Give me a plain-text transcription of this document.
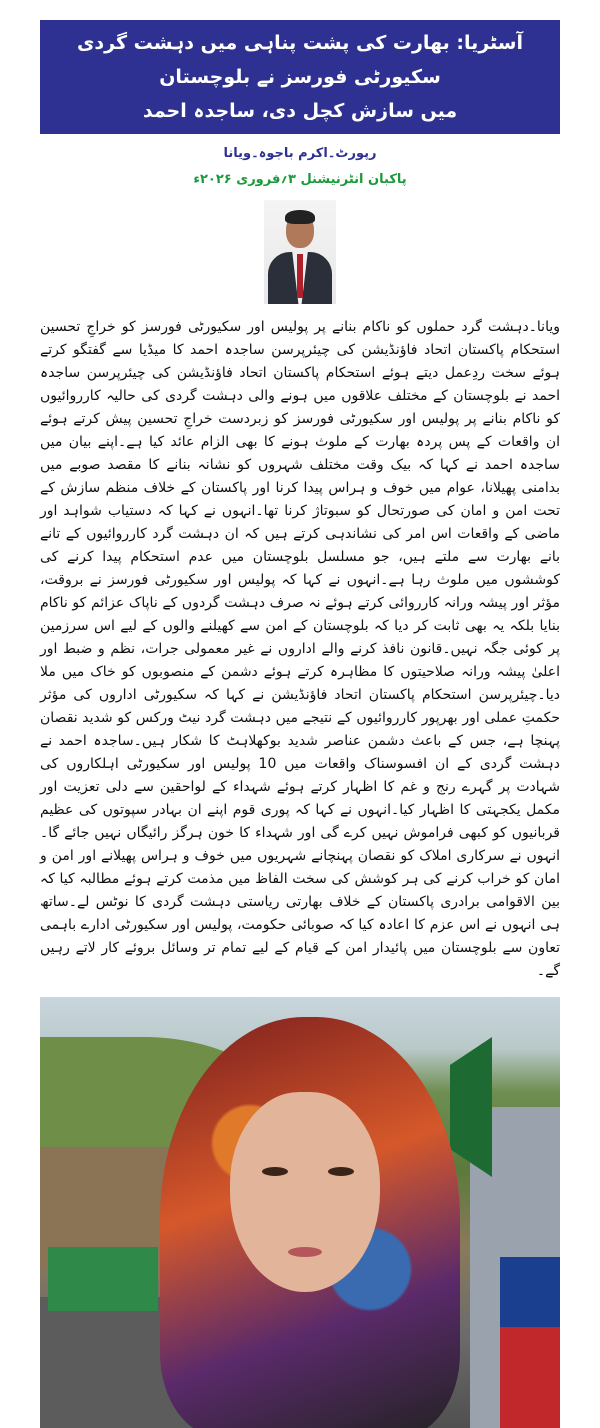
آسٹریا: بھارت کی پشت پناہی میں دہشت گردی سکیورٹی فورسز نے بلوچستان
میں سازش کچل دی، ساجدہ احمد
رپورٹ۔اکرم باجوہ۔ویانا
پاکبان انٹرنیشنل ۳؍فروری ۲۰۲۶ء

ویانا۔دہشت گرد حملوں کو ناکام بنانے پر پولیس اور سکیورٹی فورسز کو خراجِ تحسین استحکام پاکستان اتحاد فاؤنڈیشن کی چیئرپرسن ساجدہ احمد کا میڈیا سے گفتگو کرتے ہوئے سخت ردِعمل دیتے ہوئے استحکام پاکستان اتحاد فاؤنڈیشن کی چیئرپرسن ساجدہ احمد نے بلوچستان کے مختلف علاقوں میں ہونے والی دہشت گردی کی حالیہ کارروائیوں کو ناکام بنانے پر پولیس اور سکیورٹی فورسز کو زبردست خراجِ تحسین پیش کرتے ہوئے ان واقعات کے پس پردہ بھارت کے ملوث ہونے کا بھی الزام عائد کیا ہے۔اپنے بیان میں ساجدہ احمد نے کہا کہ بیک وقت مختلف شہروں کو نشانہ بنانے کا مقصد صوبے میں بدامنی پھیلانا، عوام میں خوف و ہراس پیدا کرنا اور پاکستان کے خلاف منظم سازش کے تحت امن و امان کی صورتحال کو سبوتاژ کرنا تھا۔انہوں نے کہا کہ دستیاب شواہد اور ماضی کے واقعات اس امر کی نشاندہی کرتے ہیں کہ ان دہشت گرد کارروائیوں کے تانے بانے بھارت سے ملتے ہیں، جو مسلسل بلوچستان میں عدم استحکام پیدا کرنے کی کوششوں میں ملوث رہا ہے۔انہوں نے کہا کہ پولیس اور سکیورٹی فورسز نے بروقت، مؤثر اور پیشہ ورانہ کارروائی کرتے ہوئے نہ صرف دہشت گردوں کے ناپاک عزائم کو ناکام بنایا بلکہ یہ بھی ثابت کر دیا کہ بلوچستان کے امن سے کھیلنے والوں کے لیے اس سرزمین پر کوئی جگہ نہیں۔قانون نافذ کرنے والے اداروں نے غیر معمولی جرات، نظم و ضبط اور اعلیٰ پیشہ ورانہ صلاحیتوں کا مظاہرہ کرتے ہوئے دشمن کے منصوبوں کو خاک میں ملا دیا۔چیئرپرسن استحکام پاکستان اتحاد فاؤنڈیشن نے کہا کہ سکیورٹی اداروں کی مؤثر حکمتِ عملی اور بھرپور کارروائیوں کے نتیجے میں دہشت گرد نیٹ ورکس کو شدید نقصان پہنچا ہے، جس کے باعث دشمن عناصر شدید بوکھلاہٹ کا شکار ہیں۔ساجدہ احمد نے دہشت گردی کے ان افسوسناک واقعات میں 10 پولیس اور سکیورٹی اہلکاروں کی شہادت پر گہرے رنج و غم کا اظہار کرتے ہوئے شہداء کے لواحقین سے دلی تعزیت اور مکمل یکجہتی کا اظہار کیا۔انہوں نے کہا کہ پوری قوم اپنے ان بہادر سپوتوں کی عظیم قربانیوں کو کبھی فراموش نہیں کرے گی اور شہداء کا خون ہرگز رائیگاں نہیں جائے گا۔انہوں نے سرکاری املاک کو نقصان پہنچانے شہریوں میں خوف و ہراس پھیلانے اور امن و امان کو خراب کرنے کی ہر کوشش کی سخت الفاظ میں مذمت کرتے ہوئے مطالبہ کیا کہ بین الاقوامی برادری پاکستان کے خلاف بھارتی ریاستی دہشت گردی کا نوٹس لے۔ساتھ ہی انہوں نے اس عزم کا اعادہ کیا کہ صوبائی حکومت، پولیس اور سکیورٹی ادارے باہمی تعاون سے بلوچستان میں پائیدار امن کے قیام کے لیے تمام تر وسائل بروئے کار لاتے رہیں گے۔
